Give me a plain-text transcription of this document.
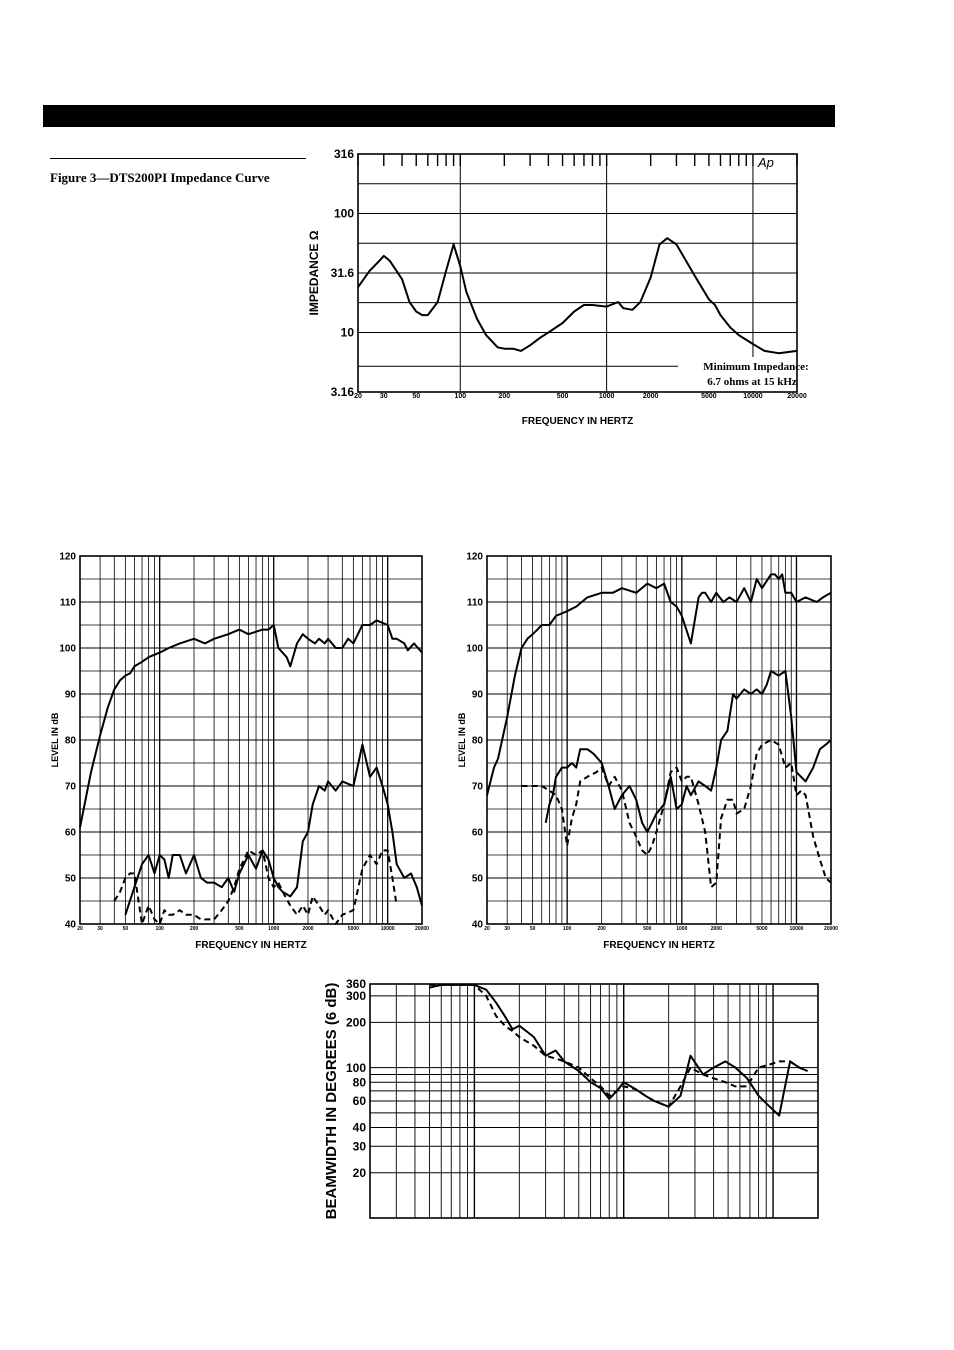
Figure 3—DTS200PI Impedance Curve
20	30	50	100	200	500	1000	2000	5000	10000	20000
FREQUENCY IN HERTZ
316
100
31.6
10
3.16
IMPEDANCE Ω
Ap
Minimum Impedance:
6.7 ohms at 15 kHz
20	30	50	100	200	500	1000	2000	5000	10000	20000
FREQUENCY IN HERTZ
120
110
100
90
80
70
60
50
40
LEVEL IN dB
20	30	50	100	200	500	1000	2000	5000	10000	20000
FREQUENCY IN HERTZ
120
110
100
90
80
70
60
50
40
LEVEL IN dB
360
300
200
100
80
60
40
30
20
BEAMWIDTH IN DEGREES (6 dB)
